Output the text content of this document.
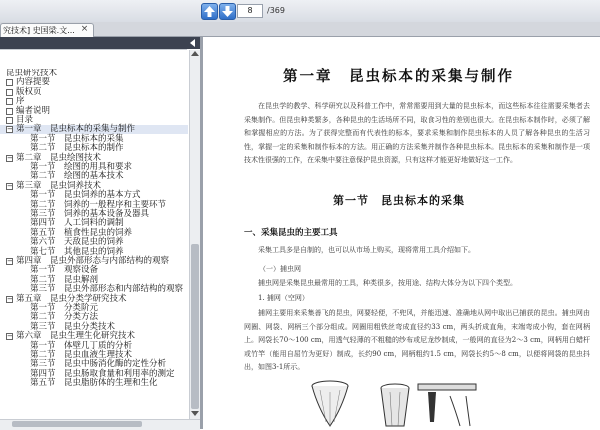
8
/369
究技术] 史国梁.文... ×
昆虫研究技术
内容提要
版权页
序
编者说明
目录
− 第一章　昆虫标本的采集与制作
第一节　昆虫标本的采集
第二节　昆虫标本的制作
− 第二章　昆虫绘图技术
第一节　绘图的用具和要求
第二节　绘图的基本技术
− 第三章　昆虫饲养技术
第一节　昆虫饲养的基本方式
第二节　饲养的一般程序和主要环节
第三节　饲养的基本设备及器具
第四节　人工饲料的调制
第五节　植食性昆虫的饲养
第六节　天敌昆虫的饲养
第七节　其他昆虫的饲养
− 第四章　昆虫外部形态与内部结构的观察
第一节　观察设备
第二节　昆虫解剖
第三节　昆虫外部形态和内部结构的观察
− 第五章　昆虫分类学研究技术
第一节　分类阶元
第二节　分类方法
第三节　昆虫分类技术
− 第六章　昆虫生理生化研究技术
第一节　体壁几丁质的分析
第二节　昆虫血液生理技术
第三节　昆虫中肠消化酶的定性分析
第四节　昆虫肠取食量和利用率的测定
第五节　昆虫脂肪体的生理和生化
第一章　昆虫标本的采集与制作
在昆虫学的教学、科学研究以及科普工作中，常常需要用到大量的昆虫标本，而这些标本往往需要采集者去采集制作。但昆虫种类繁多，各种昆虫的生活场所不同，取食习性的差别也很大。在昆虫标本制作时，必须了解和掌握相应的方法。为了获得完整而有代表性的标本，要求采集和制作昆虫标本的人员了解各种昆虫的生活习性，掌握一定的采集和制作标本的方法。用正确的方法采集并制作各种昆虫标本。昆虫标本的采集和制作是一项技术性很强的工作，在采集中要注意保护昆虫资源，只有这样才能更好地做好这一工作。
第一节　昆虫标本的采集
一、采集昆虫的主要工具
采集工具多是自制的，也可以从市场上购买，现将常用工具介绍如下。
（一）捕虫网
捕虫网是采集昆虫最常用的工具，种类很多，按用途、结构大体分为以下四个类型。
1. 捕网（空网）
捕网主要用来采集善飞的昆虫，网要轻便，不兜风，并能迅速、准确地从网中取出已捕获的昆虫。捕虫网由网圈、网袋、网柄三个部分组成。网圈用粗铁丝弯成直径约33 cm，两头折成直角，末端弯成小钩，套在网柄上。网袋长70～100 cm，用透气轻薄的不粗糙的纱布或尼龙纱制成，一般网的直径为2～3 cm，网柄用白蜡杆或竹竿（能用自屈竹为更好）制成，长约90 cm，网柄粗约1.5 cm，网袋长约5～8 cm，以便将网袋的昆虫抖出，如图3-1所示。
